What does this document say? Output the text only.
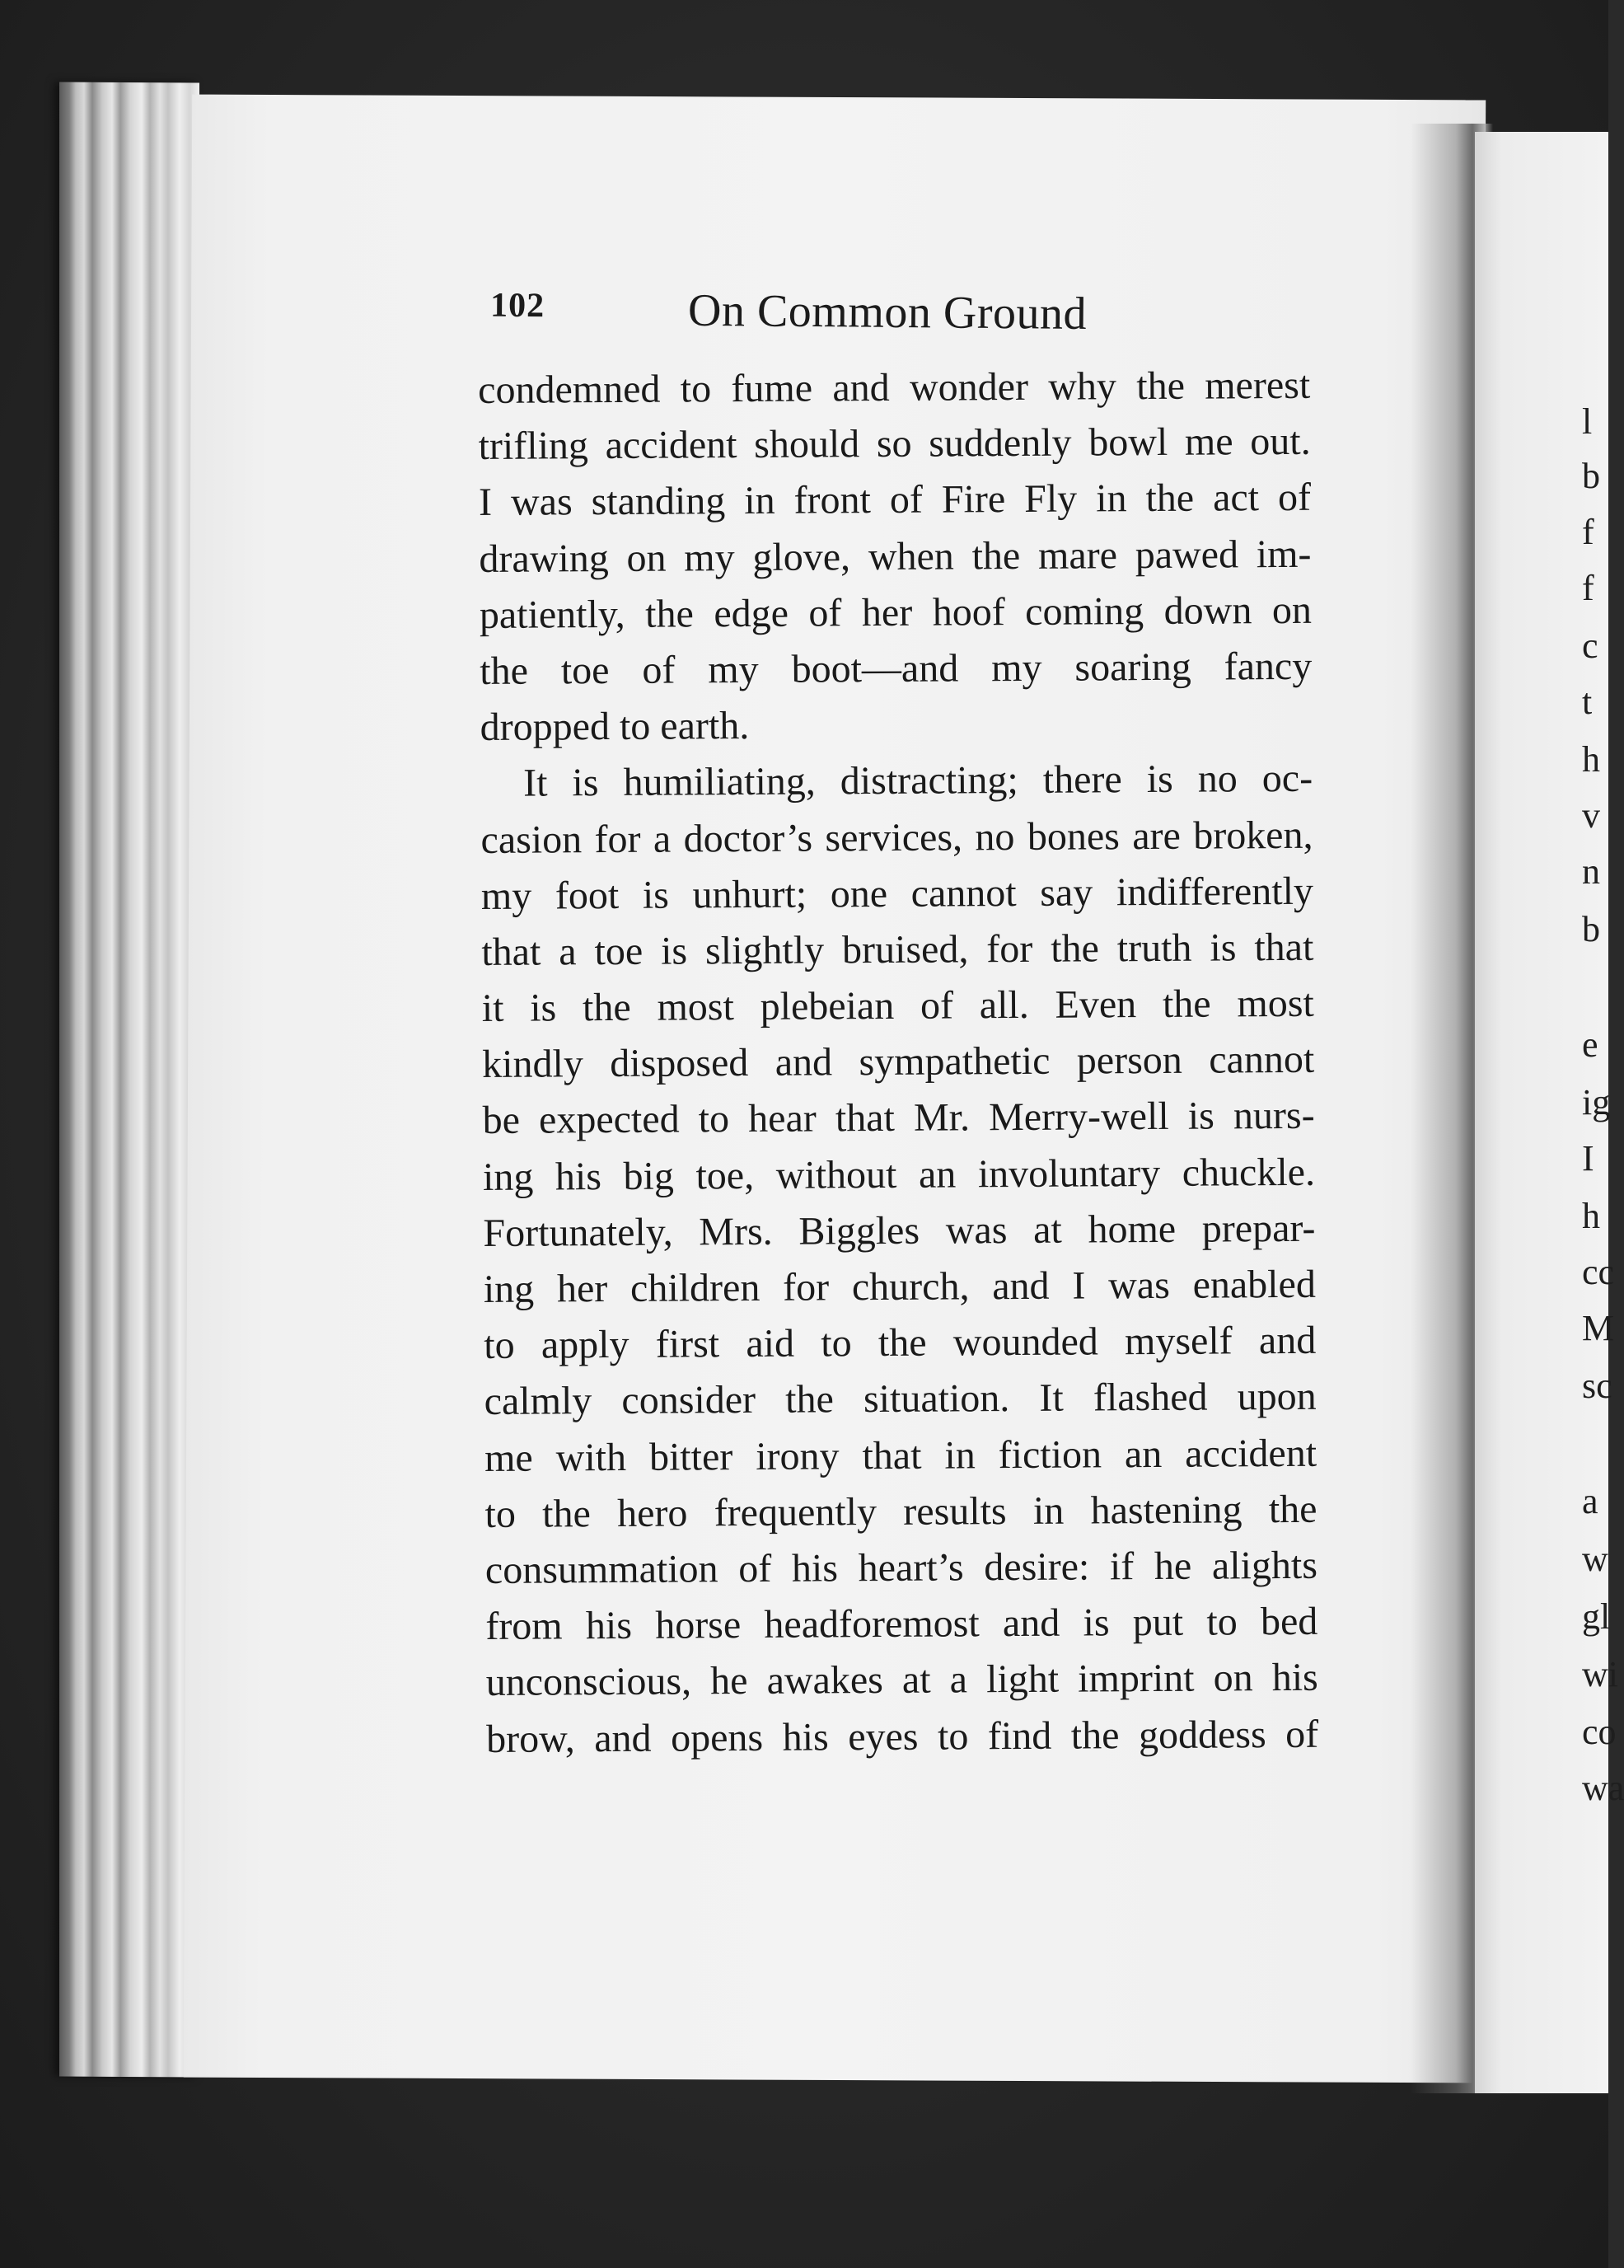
l
b
f
f
c
t
h
v
n
b
e
ig
I
h
cc
M
sc
a
w
gl
wi
co
wa
102	On Common Ground

condemned to fume and wonder why the merest
trifling accident should so suddenly bowl me out.
I was standing in front of Fire Fly in the act of
drawing on my glove, when the mare pawed im-
patiently, the edge of her hoof coming down on
the toe of my boot—and my soaring fancy
dropped to earth.

It is humiliating, distracting; there is no oc-
casion for a doctor’s services, no bones are broken,
my foot is unhurt; one cannot say indifferently
that a toe is slightly bruised, for the truth is that
it is the most plebeian of all. Even the most
kindly disposed and sympathetic person cannot
be expected to hear that Mr. Merry-well is nurs-
ing his big toe, without an involuntary chuckle.
Fortunately, Mrs. Biggles was at home prepar-
ing her children for church, and I was enabled
to apply first aid to the wounded myself and
calmly consider the situation. It flashed upon
me with bitter irony that in fiction an accident
to the hero frequently results in hastening the
consummation of his heart’s desire: if he alights
from his horse headforemost and is put to bed
unconscious, he awakes at a light imprint on his
brow, and opens his eyes to find the goddess of
